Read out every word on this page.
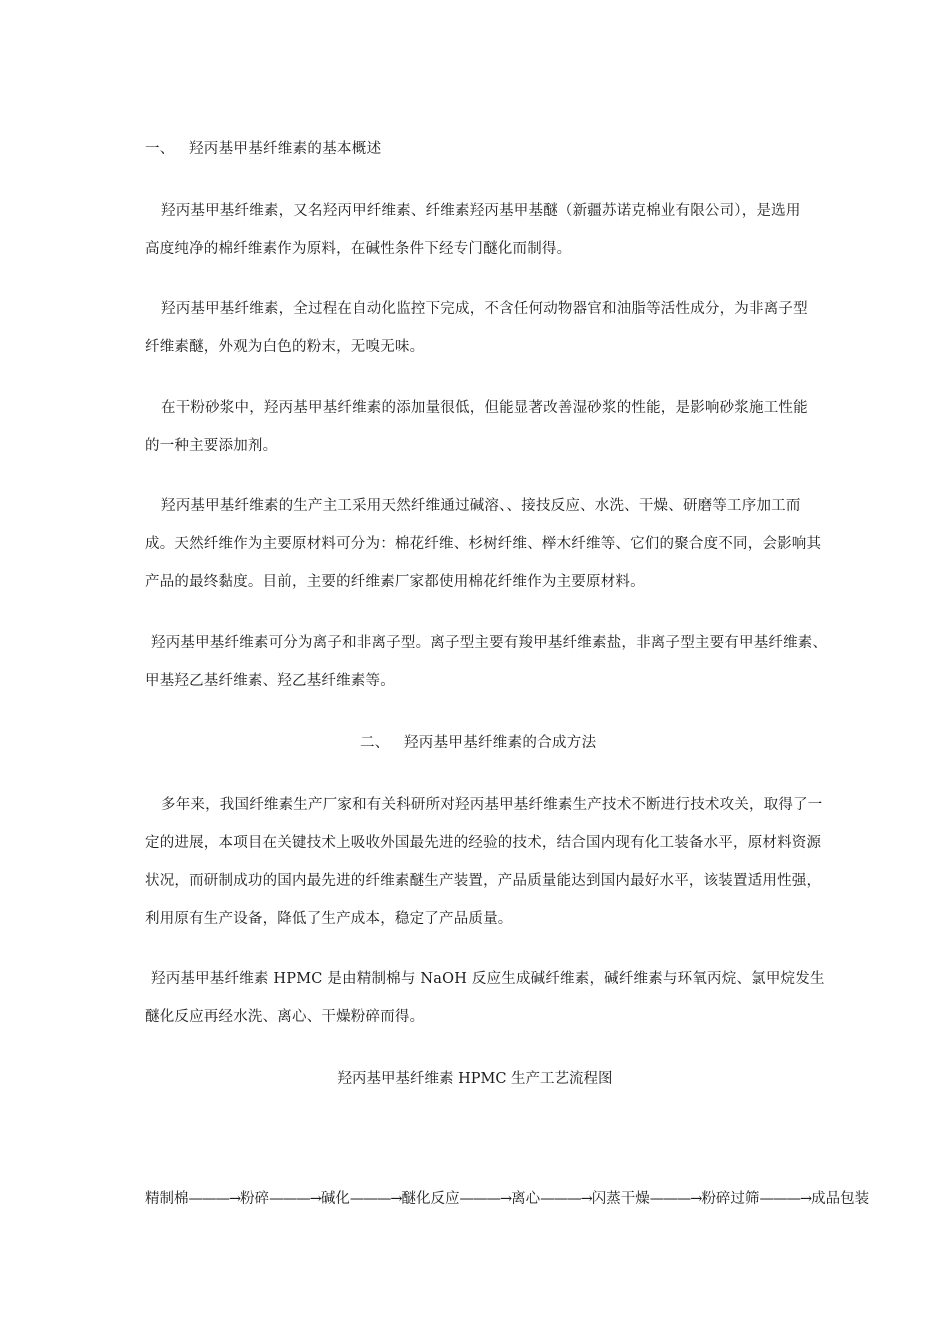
一、 羟丙基甲基纤维素的基本概述
羟丙基甲基纤维素，又名羟丙甲纤维素、纤维素羟丙基甲基醚（新疆苏诺克棉业有限公司），是选用
高度纯净的棉纤维素作为原料，在碱性条件下经专门醚化而制得。
羟丙基甲基纤维素，全过程在自动化监控下完成，不含任何动物器官和油脂等活性成分，为非离子型
纤维素醚，外观为白色的粉末，无嗅无味。
在干粉砂浆中，羟丙基甲基纤维素的添加量很低，但能显著改善湿砂浆的性能，是影响砂浆施工性能
的一种主要添加剂。
羟丙基甲基纤维素的生产主工采用天然纤维通过碱溶、、接技反应、水洗、干燥、研磨等工序加工而
成。天然纤维作为主要原材料可分为：棉花纤维、杉树纤维、榉木纤维等、它们的聚合度不同，会影响其
产品的最终黏度。目前，主要的纤维素厂家都使用棉花纤维作为主要原材料。
羟丙基甲基纤维素可分为离子和非离子型。离子型主要有羧甲基纤维素盐，非离子型主要有甲基纤维素、
甲基羟乙基纤维素、羟乙基纤维素等。
二、 羟丙基甲基纤维素的合成方法
多年来，我国纤维素生产厂家和有关科研所对羟丙基甲基纤维素生产技术不断进行技术攻关，取得了一
定的进展，本项目在关键技术上吸收外国最先进的经验的技术，结合国内现有化工装备水平，原材料资源
状况，而研制成功的国内最先进的纤维素醚生产装置，产品质量能达到国内最好水平，该装置适用性强，
利用原有生产设备，降低了生产成本，稳定了产品质量。
羟丙基甲基纤维素 HPMC 是由精制棉与 NaOH 反应生成碱纤维素，碱纤维素与环氧丙烷、氯甲烷发生
醚化反应再经水洗、离心、干燥粉碎而得。
羟丙基甲基纤维素 HPMC 生产工艺流程图
精制棉 ———→ 粉碎 ———→ 碱化 ———→ 醚化反应 ———→ 离心 ———→ 闪蒸干燥 ———→ 粉碎过筛 ———→ 成品包装
